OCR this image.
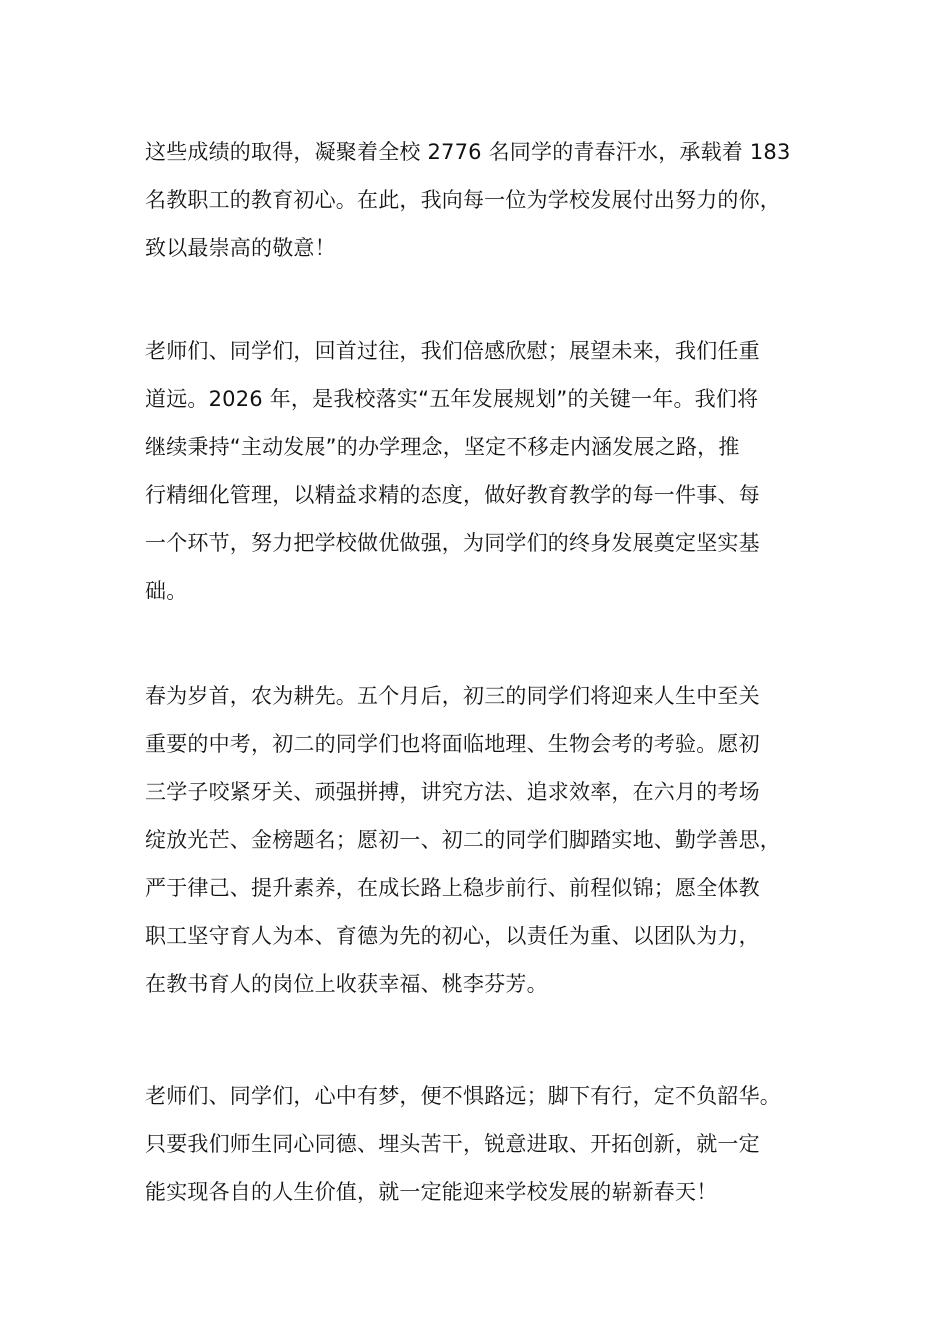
这些成绩的取得，凝聚着全校 2776 名同学的青春汗水，承载着 183
名教职工的教育初心。在此，我向每一位为学校发展付出努力的你，
致以最崇高的敬意！

老师们、同学们，回首过往，我们倍感欣慰；展望未来，我们任重
道远。2026 年，是我校落实“五年发展规划”的关键一年。我们将
继续秉持“主动发展”的办学理念，坚定不移走内涵发展之路，推
行精细化管理，以精益求精的态度，做好教育教学的每一件事、每
一个环节，努力把学校做优做强，为同学们的终身发展奠定坚实基
础。

春为岁首，农为耕先。五个月后，初三的同学们将迎来人生中至关
重要的中考，初二的同学们也将面临地理、生物会考的考验。愿初
三学子咬紧牙关、顽强拼搏，讲究方法、追求效率，在六月的考场
绽放光芒、金榜题名；愿初一、初二的同学们脚踏实地、勤学善思，
严于律己、提升素养，在成长路上稳步前行、前程似锦；愿全体教
职工坚守育人为本、育德为先的初心，以责任为重、以团队为力，
在教书育人的岗位上收获幸福、桃李芬芳。

老师们、同学们，心中有梦，便不惧路远；脚下有行，定不负韶华。
只要我们师生同心同德、埋头苦干，锐意进取、开拓创新，就一定
能实现各自的人生价值，就一定能迎来学校发展的崭新春天！
